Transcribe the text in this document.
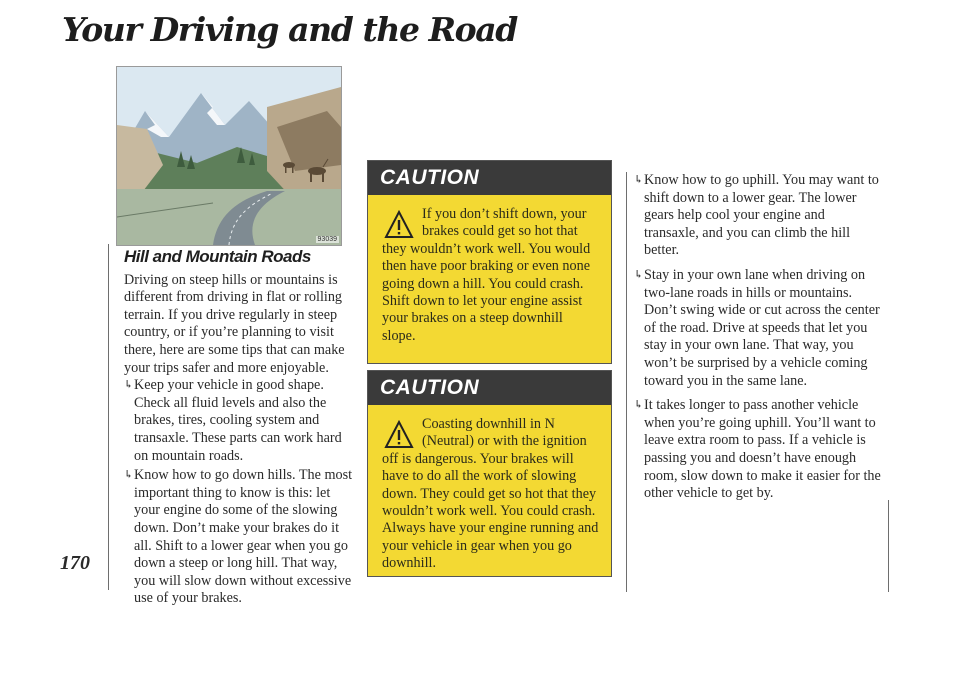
Your Driving and the Road
93039
170
Hill and Mountain Roads

Driving on steep hills or mountains is different from driving in flat or rolling terrain. If you drive regularly in steep country, or if you’re planning to visit there, here are some tips that can make your trips safer and more enjoyable.

↳ Keep your vehicle in good shape. Check all fluid levels and also the brakes, tires, cooling system and transaxle. These parts can work hard on mountain roads.
↳ Know how to go down hills. The most important thing to know is this: let your engine do some of the slowing down. Don’t make your brakes do it all. Shift to a lower gear when you go down a steep or long hill. That way, you will slow down without excessive use of your brakes.
CAUTION
If you don’t shift down, your brakes could get so hot that they wouldn’t work well. You would then have poor braking or even none going down a hill. You could crash. Shift down to let your engine assist your brakes on a steep downhill slope.
CAUTION
Coasting downhill in N (Neutral) or with the ignition off is dangerous. Your brakes will have to do all the work of slowing down. They could get so hot that they wouldn’t work well. You could crash. Always have your engine running and your vehicle in gear when you go downhill.
↳ Know how to go uphill. You may want to shift down to a lower gear. The lower gears help cool your engine and transaxle, and you can climb the hill better.
↳ Stay in your own lane when driving on two-lane roads in hills or mountains. Don’t swing wide or cut across the center of the road. Drive at speeds that let you stay in your own lane. That way, you won’t be surprised by a vehicle coming toward you in the same lane.
↳ It takes longer to pass another vehicle when you’re going uphill. You’ll want to leave extra room to pass. If a vehicle is passing you and doesn’t have enough room, slow down to make it easier for the other vehicle to get by.
